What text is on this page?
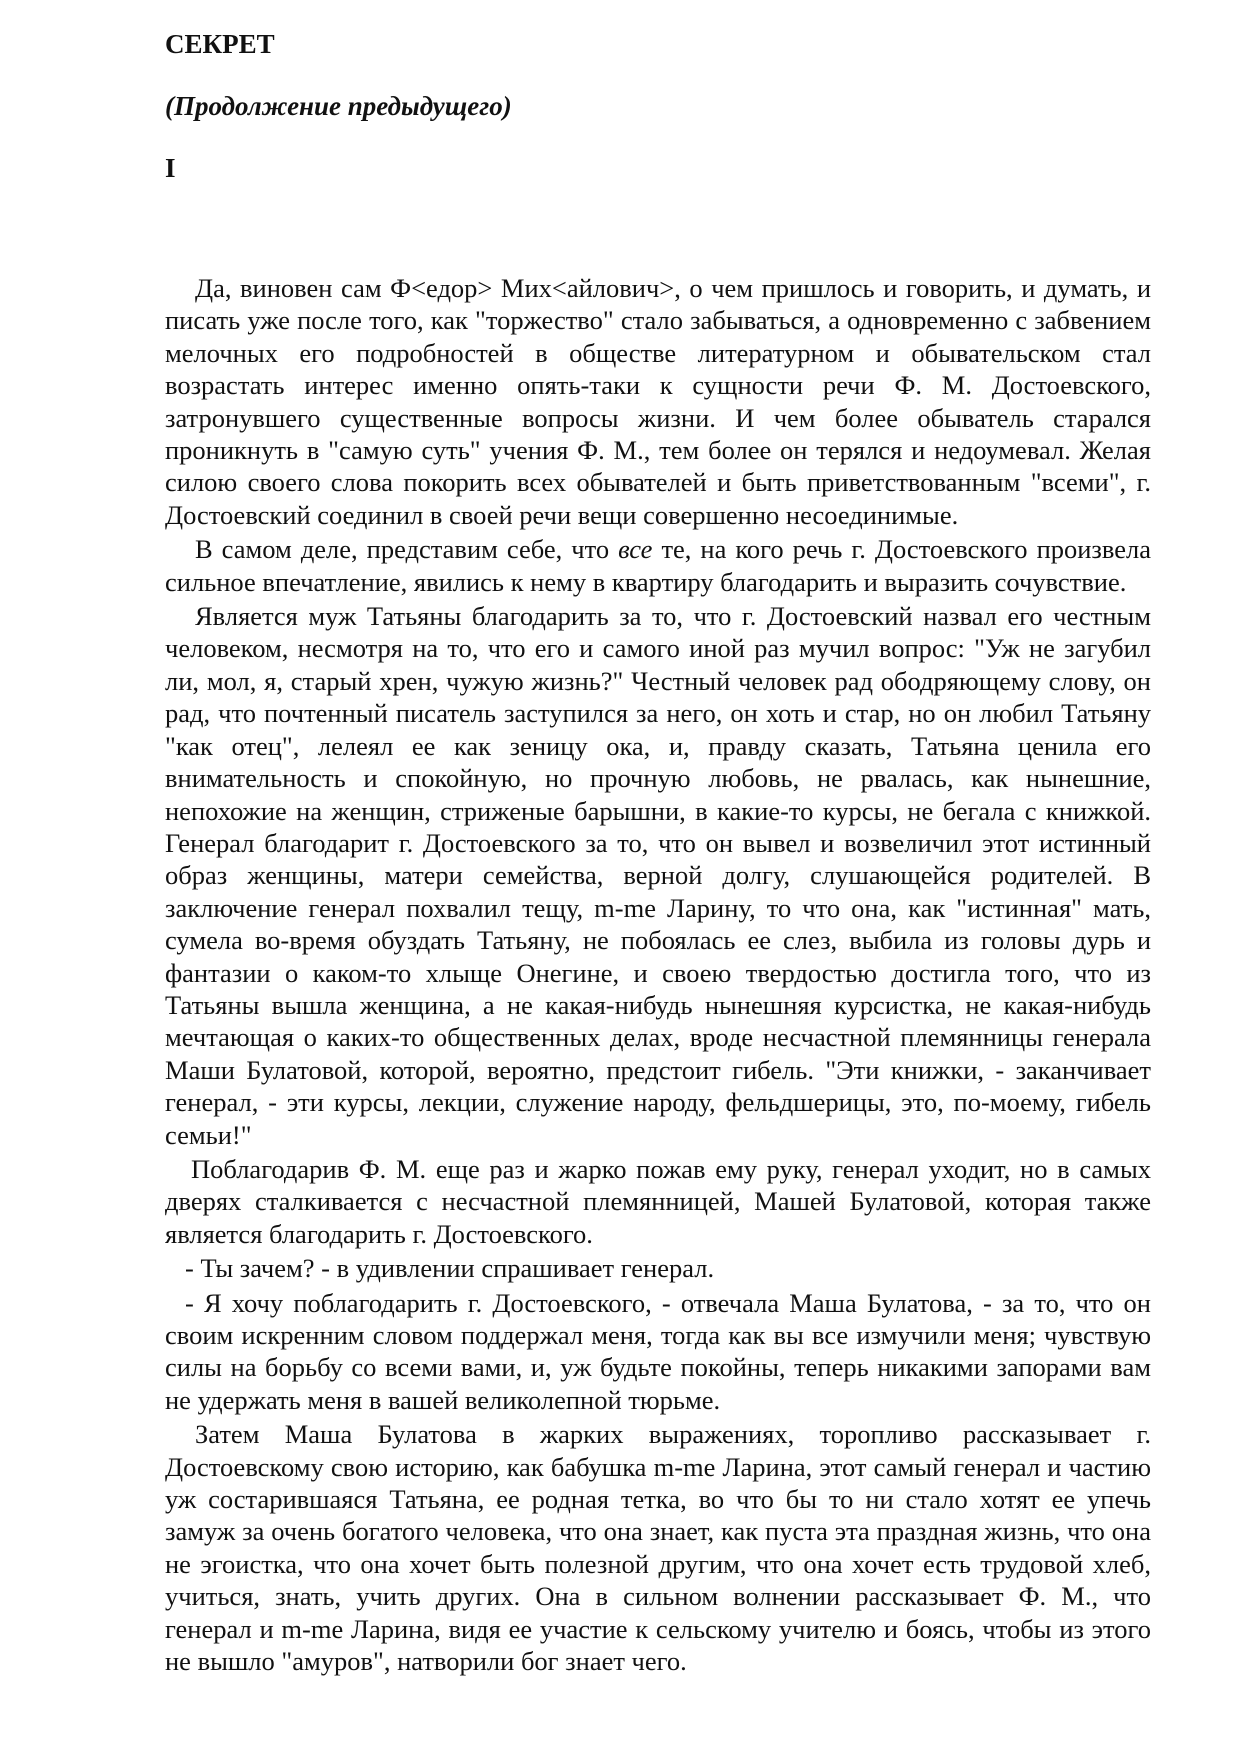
СЕКРЕТ
(Продолжение предыдущего)
I

Да, виновен сам Ф<едор> Мих<айлович>, о чем пришлось и говорить, и думать, и писать уже после того, как "торжество" стало забываться, а одновременно с забвением мелочных его подробностей в обществе литературном и обывательском стал возрастать интерес именно опять-таки к сущности речи Ф. М. Достоевского, затронувшего существенные вопросы жизни. И чем более обыватель старался проникнуть в "самую суть" учения Ф. М., тем более он терялся и недоумевал. Желая силою своего слова покорить всех обывателей и быть приветствованным "всеми", г. Достоевский соединил в своей речи вещи совершенно несоединимые.

В самом деле, представим себе, что все те, на кого речь г. Достоевского произвела сильное впечатление, явились к нему в квартиру благодарить и выразить сочувствие.

Является муж Татьяны благодарить за то, что г. Достоевский назвал его честным человеком, несмотря на то, что его и самого иной раз мучил вопрос: "Уж не загубил ли, мол, я, старый хрен, чужую жизнь?" Честный человек рад ободряющему слову, он рад, что почтенный писатель заступился за него, он хоть и стар, но он любил Татьяну "как отец", лелеял ее как зеницу ока, и, правду сказать, Татьяна ценила его внимательность и спокойную, но прочную любовь, не рвалась, как нынешние, непохожие на женщин, стриженые барышни, в какие-то курсы, не бегала с книжкой. Генерал благодарит г. Достоевского за то, что он вывел и возвеличил этот истинный образ женщины, матери семейства, верной долгу, слушающейся родителей. В заключение генерал похвалил тещу, m-me Ларину, то что она, как "истинная" мать, сумела во-время обуздать Татьяну, не побоялась ее слез, выбила из головы дурь и фантазии о каком-то хлыще Онегине, и своею твердостью достигла того, что из Татьяны вышла женщина, а не какая-нибудь нынешняя курсистка, не какая-нибудь мечтающая о каких-то общественных делах, вроде несчастной племянницы генерала Маши Булатовой, которой, вероятно, предстоит гибель. "Эти книжки, - заканчивает генерал, - эти курсы, лекции, служение народу, фельдшерицы, это, по-моему, гибель семьи!"

Поблагодарив Ф. М. еще раз и жарко пожав ему руку, генерал уходит, но в самых дверях сталкивается с несчастной племянницей, Машей Булатовой, которая также является благодарить г. Достоевского.

- Ты зачем? - в удивлении спрашивает генерал.

- Я хочу поблагодарить г. Достоевского, - отвечала Маша Булатова, - за то, что он своим искренним словом поддержал меня, тогда как вы все измучили меня; чувствую силы на борьбу со всеми вами, и, уж будьте покойны, теперь никакими запорами вам не удержать меня в вашей великолепной тюрьме.

Затем Маша Булатова в жарких выражениях, торопливо рассказывает г. Достоевскому свою историю, как бабушка m-me Ларина, этот самый генерал и частию уж состарившаяся Татьяна, ее родная тетка, во что бы то ни стало хотят ее упечь замуж за очень богатого человека, что она знает, как пуста эта праздная жизнь, что она не эгоистка, что она хочет быть полезной другим, что она хочет есть трудовой хлеб, учиться, знать, учить других. Она в сильном волнении рассказывает Ф. М., что генерал и m-me Ларина, видя ее участие к сельскому учителю и боясь, чтобы из этого не вышло "амуров", натворили бог знает чего.
